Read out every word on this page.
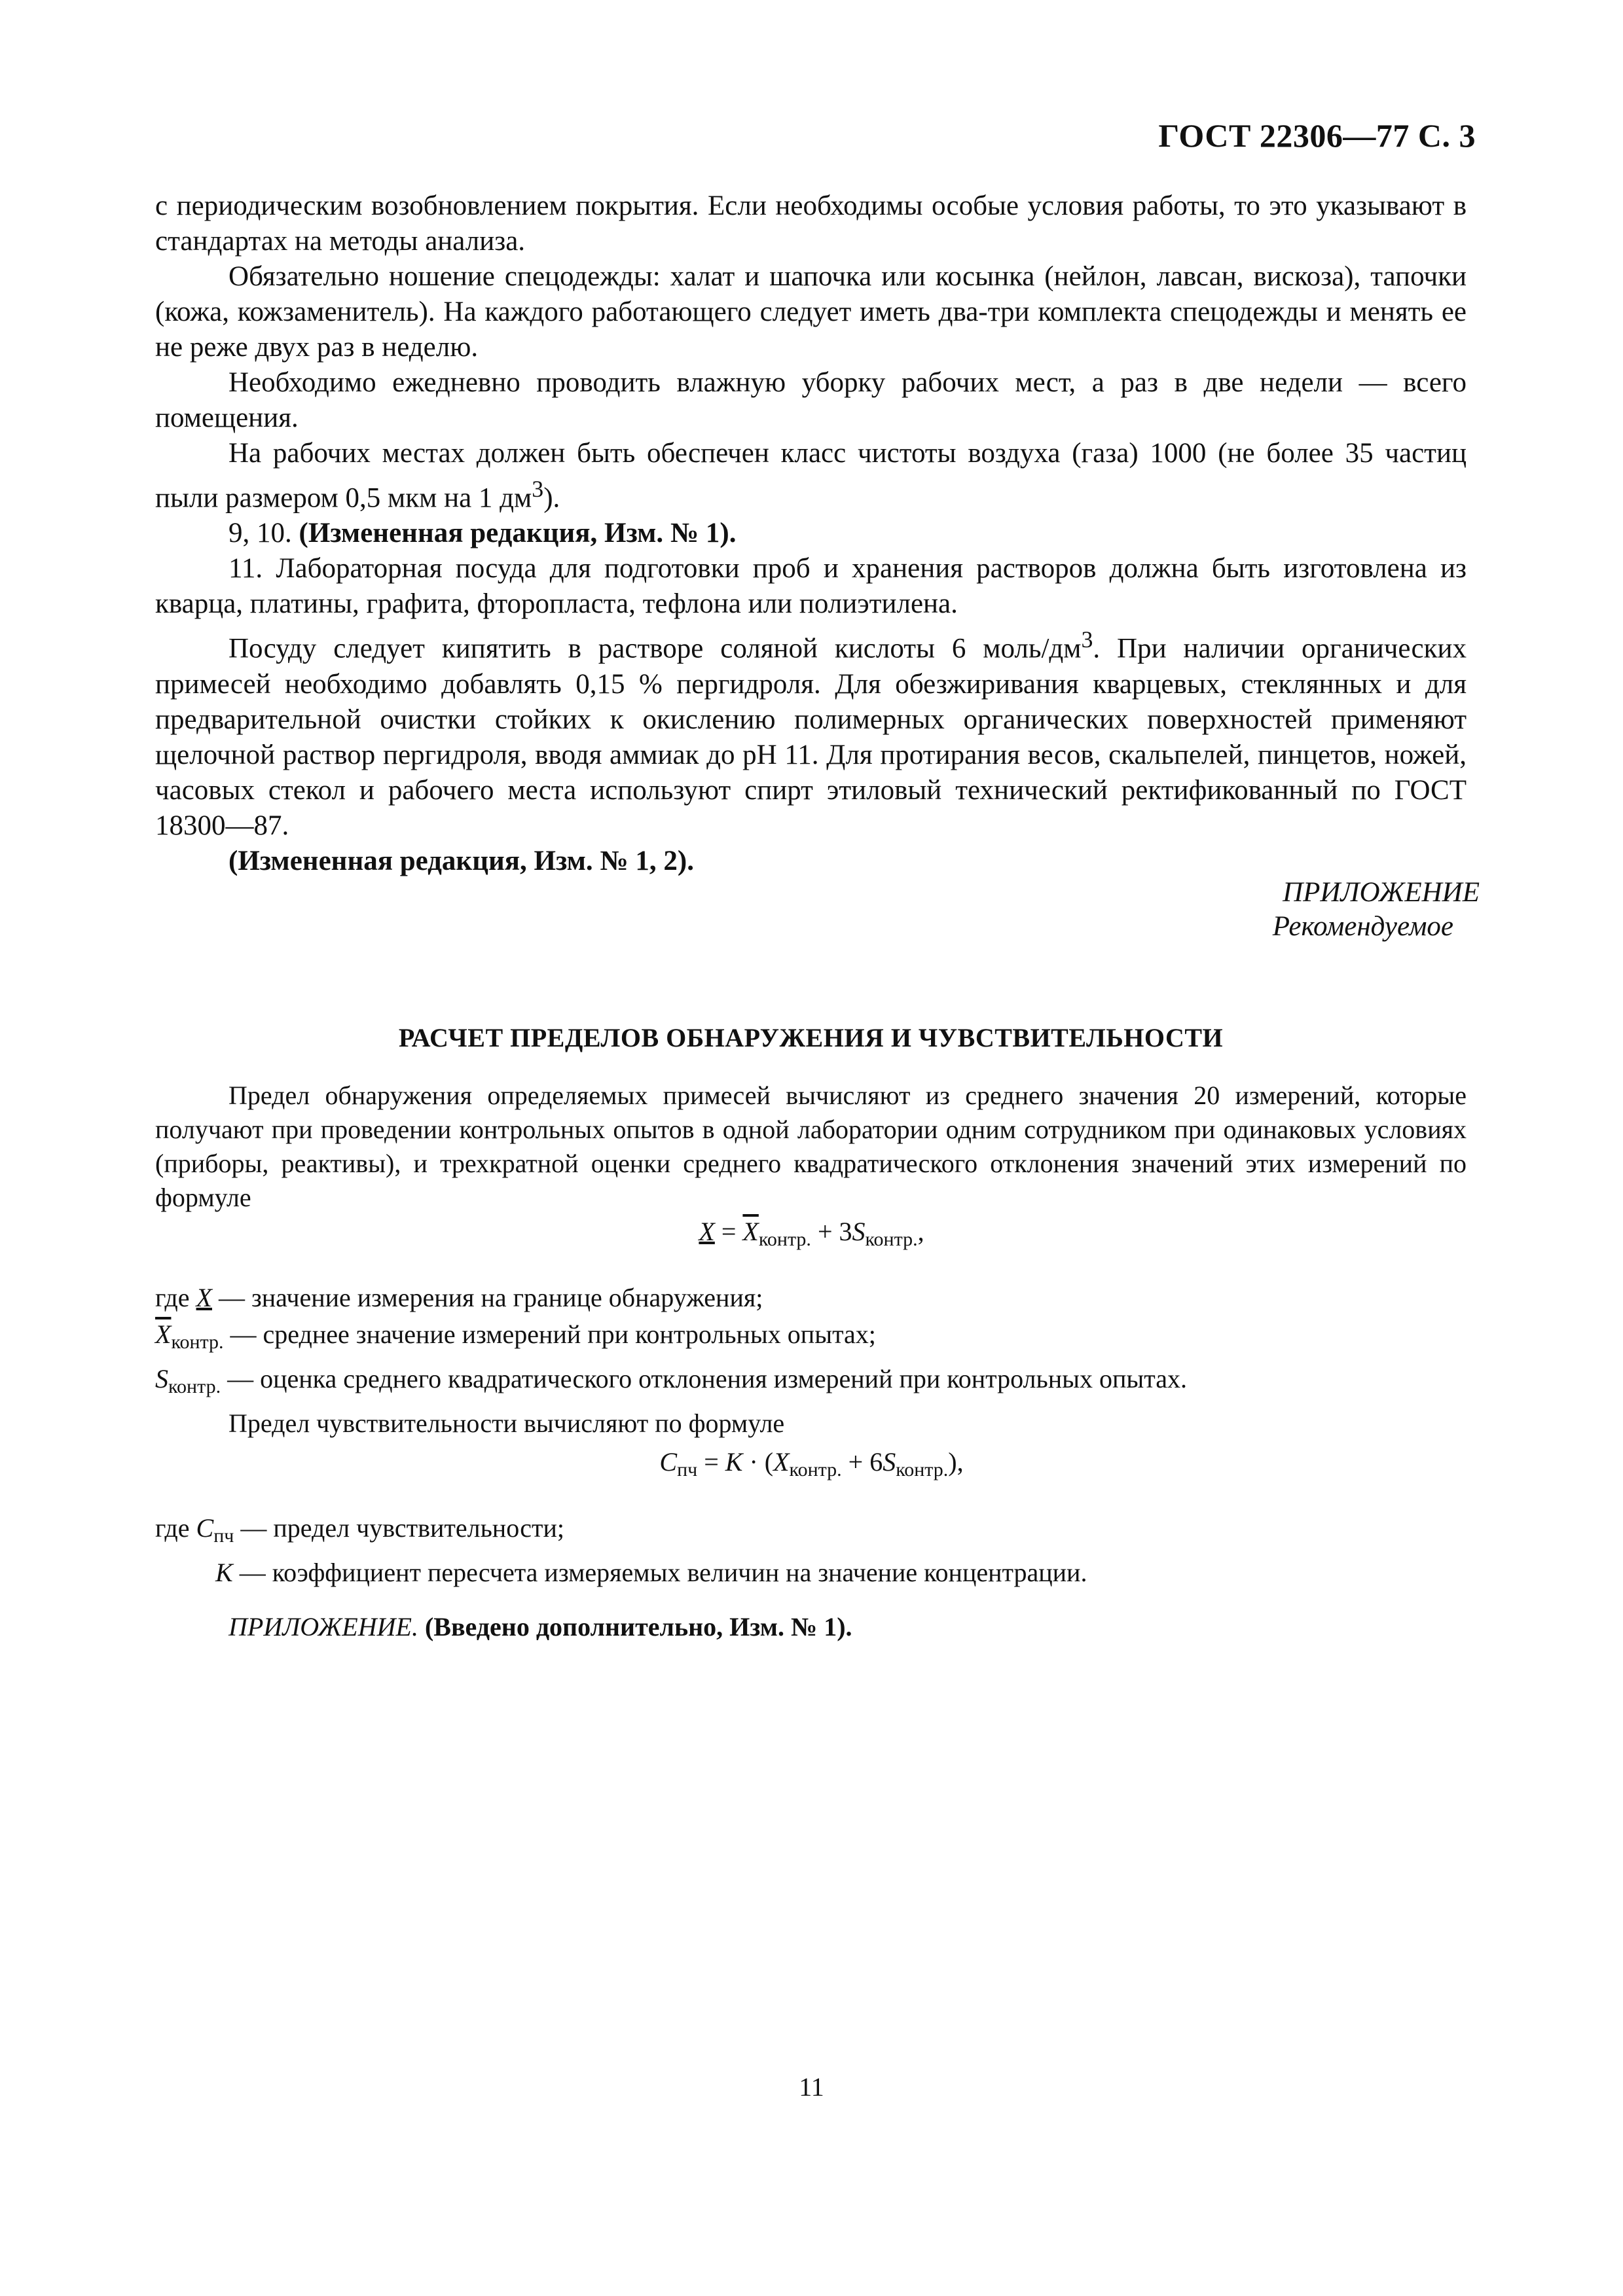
ГОСТ 22306—77 С. 3

с периодическим возобновлением покрытия. Если необходимы особые условия работы, то это указывают в стандартах на методы анализа.

Обязательно ношение спецодежды: халат и шапочка или косынка (нейлон, лавсан, вискоза), тапочки (кожа, кожзаменитель). На каждого работающего следует иметь два-три комплекта спецодежды и менять ее не реже двух раз в неделю.

Необходимо ежедневно проводить влажную уборку рабочих мест, а раз в две недели — всего помещения.

На рабочих местах должен быть обеспечен класс чистоты воздуха (газа) 1000 (не более 35 частиц пыли размером 0,5 мкм на 1 $дм^3$).

9, 10. (Измененная редакция, Изм. № 1).

11. Лабораторная посуда для подготовки проб и хранения растворов должна быть изготовлена из кварца, платины, графита, фторопласта, тефлона или полиэтилена.

Посуду следует кипятить в растворе соляной кислоты 6 моль/$дм^3$. При наличии органических примесей необходимо добавлять 0,15 % пергидроля. Для обезжиривания кварцевых, стеклянных и для предварительной очистки стойких к окислению полимерных органических поверхностей применяют щелочной раствор пергидроля, вводя аммиак до pH 11. Для протирания весов, скальпелей, пинцетов, ножей, часовых стекол и рабочего места используют спирт этиловый технический ректификованный по ГОСТ 18300—87.

(Измененная редакция, Изм. № 1, 2).

ПРИЛОЖЕНИЕ
Рекомендуемое
РАСЧЕТ ПРЕДЕЛОВ ОБНАРУЖЕНИЯ И ЧУВСТВИТЕЛЬНОСТИ

Предел обнаружения определяемых примесей вычисляют из среднего значения 20 измерений, которые получают при проведении контрольных опытов в одной лаборатории одним сотрудником при одинаковых условиях (приборы, реактивы), и трехкратной оценки среднего квадратического отклонения значений этих измерений по формуле

$X = \overline{X}_{контр.} + 3S_{контр.}$,

где X — значение измерения на границе обнаружения;

$\overline{X}_{контр.}$ — среднее значение измерений при контрольных опытах;

$S_{контр.}$ — оценка среднего квадратического отклонения измерений при контрольных опытах.

Предел чувствительности вычисляют по формуле

$C_{пч} = K \cdot (X_{контр.} + 6S_{контр.})$,

где $C_{пч}$ — предел чувствительности;

K — коэффициент пересчета измеряемых величин на значение концентрации.

ПРИЛОЖЕНИЕ. (Введено дополнительно, Изм. № 1).
11
